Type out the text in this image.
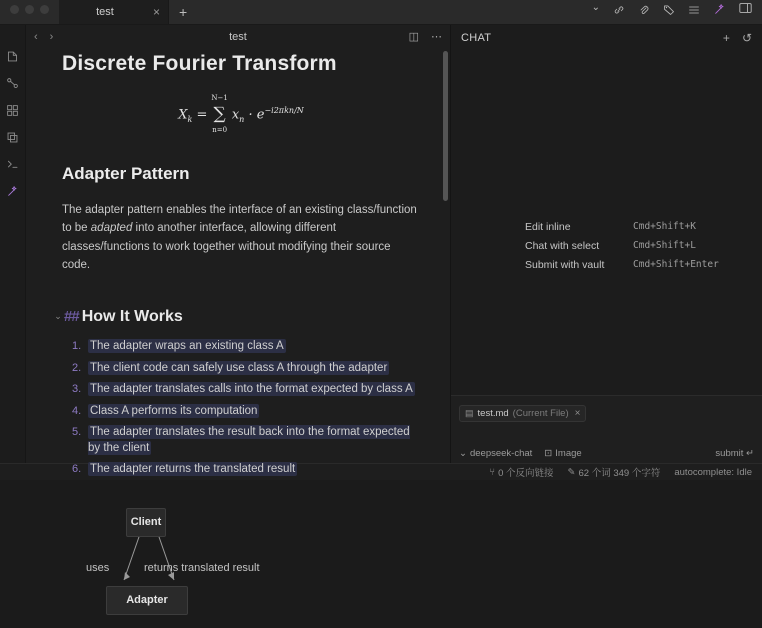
test	×	+	⌄
‹ ›	test	◫ ⋯
Discrete Fourier Transform
$X_k$ =
N−1
∑
n=0
$x_n \cdot e^{-i2\pi kn/N}$
Adapter Pattern

The adapter pattern enables the interface of an existing class/function to be adapted into another interface, allowing different classes/functions to work together without modifying their source code.

⌄ ## How It Works
The adapter wraps an existing class A
The client code can safely use class A through the adapter
The adapter translates calls into the format expected by class A
Class A performs its computation
The adapter translates the result back into the format expected by the client
The adapter returns the translated result
Client
Adapter
uses	returns translated result
CHAT	+ ↺
Edit inline	Cmd+Shift+K
Chat with select	Cmd+Shift+L
Submit with vault	Cmd+Shift+Enter
▤ test.md (Current File) ×
⌄ deepseek-chat ⊡ Image	submit ↵
⑂ 0 个反向链接 ✎ 62 个词 349 个字符 autocomplete: Idle
